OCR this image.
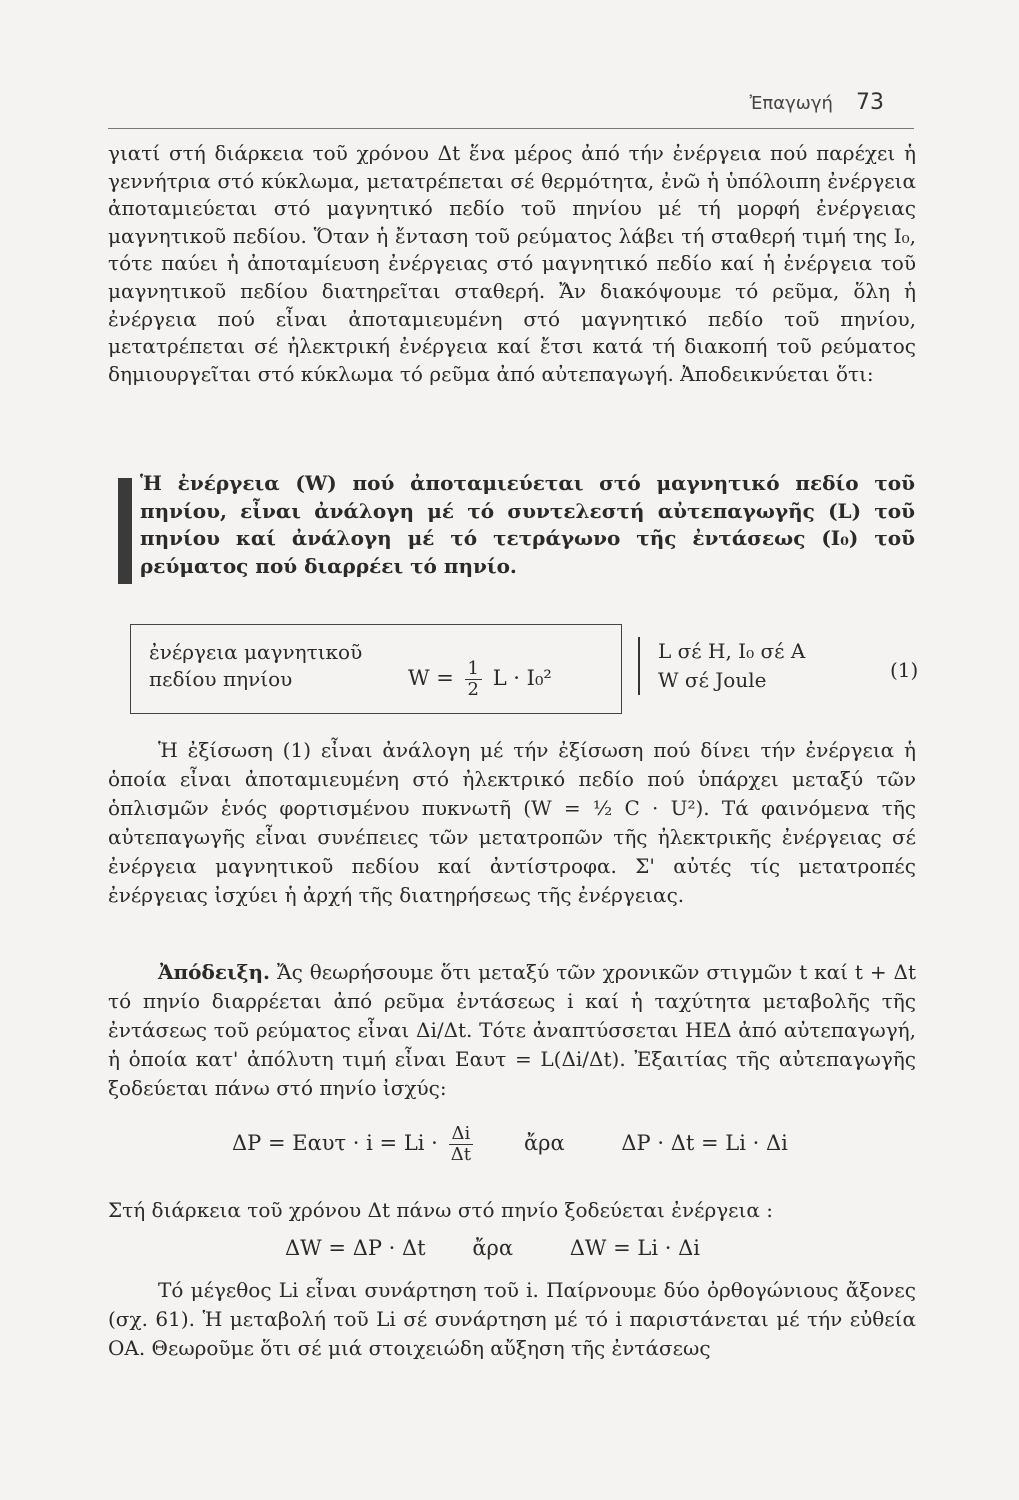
Ἐπαγωγή 73

γιατί στή διάρκεια τοῦ χρόνου Δt ἕνα μέρος ἀπό τήν ἐνέργεια πού παρέχει ἡ γεννήτρια στό κύκλωμα, μετατρέπεται σέ θερμότητα, ἐνῶ ἡ ὑπόλοιπη ἐνέργεια ἀποταμιεύεται στό μαγνητικό πεδίο τοῦ πηνίου μέ τή μορφή ἐνέργειας μαγνητικοῦ πεδίου. Ὅταν ἡ ἔνταση τοῦ ρεύματος λάβει τή σταθερή τιμή της I₀, τότε παύει ἡ ἀποταμίευση ἐνέργειας στό μαγνητικό πεδίο καί ἡ ἐνέργεια τοῦ μαγνητικοῦ πεδίου διατηρεῖται σταθερή. Ἄν διακόψουμε τό ρεῦμα, ὅλη ἡ ἐνέργεια πού εἶναι ἀποταμιευμένη στό μαγνητικό πεδίο τοῦ πηνίου, μετατρέπεται σέ ἠλεκτρική ἐνέργεια καί ἔτσι κατά τή διακοπή τοῦ ρεύματος δημιουργεῖται στό κύκλωμα τό ρεῦμα ἀπό αὐτεπαγωγή. Ἀποδεικνύεται ὅτι:

Ἡ ἐνέργεια (W) πού ἀποταμιεύεται στό μαγνητικό πεδίο τοῦ πηνίου, εἶναι ἀνάλογη μέ τό συντελεστή αὐτεπαγωγῆς (L) τοῦ πηνίου καί ἀνάλογη μέ τό τετράγωνο τῆς ἐντάσεως (I₀) τοῦ ρεύματος πού διαρρέει τό πηνίο.
ἐνέργεια μαγνητικοῦ
πεδίου πηνίου	$W = \frac{1}{2}$ L · I₀²
L σέ H, I₀ σέ A
W σέ Joule	(1)

Ἡ ἐξίσωση (1) εἶναι ἀνάλογη μέ τήν ἐξίσωση πού δίνει τήν ἐνέργεια ἡ ὁποία εἶναι ἀποταμιευμένη στό ἠλεκτρικό πεδίο πού ὑπάρχει μεταξύ τῶν ὁπλισμῶν ἑνός φορτισμένου πυκνωτῆ (W = ½ C · U²). Τά φαινόμενα τῆς αὐτεπαγωγῆς εἶναι συνέπειες τῶν μετατροπῶν τῆς ἠλεκτρικῆς ἐνέργειας σέ ἐνέργεια μαγνητικοῦ πεδίου καί ἀντίστροφα. Σ' αὐτές τίς μετατροπές ἐνέργειας ἰσχύει ἡ ἀρχή τῆς διατηρήσεως τῆς ἐνέργειας.

Ἀπόδειξη. Ἄς θεωρήσουμε ὅτι μεταξύ τῶν χρονικῶν στιγμῶν t καί t + Δt τό πηνίο διαρρέεται ἀπό ρεῦμα ἐντάσεως i καί ἡ ταχύτητα μεταβολῆς τῆς ἐντάσεως τοῦ ρεύματος εἶναι Δi/Δt. Τότε ἀναπτύσσεται ΗΕΔ ἀπό αὐτεπαγωγή, ἡ ὁποία κατ' ἀπόλυτη τιμή εἶναι Eαυτ = L(Δi/Δt). Ἐξαιτίας τῆς αὐτεπαγωγῆς ξοδεύεται πάνω στό πηνίο ἰσχύς:

$\Delta P = E\alpha\upsilon\tau \cdot i = Li \cdot \frac{\Delta i}{\Delta t}$ ἄρα	ΔP · Δt = Li · Δi

Στή διάρκεια τοῦ χρόνου Δt πάνω στό πηνίο ξοδεύεται ἐνέργεια :

ΔW = ΔP · Δt ἄρα	ΔW = Li · Δi

Τό μέγεθος Li εἶναι συνάρτηση τοῦ i. Παίρνουμε δύο ὀρθογώνιους ἄξονες (σχ. 61). Ἡ μεταβολή τοῦ Li σέ συνάρτηση μέ τό i παριστάνεται μέ τήν εὐθεία ΟΑ. Θεωροῦμε ὅτι σέ μιά στοιχειώδη αὔξηση τῆς ἐντάσεως
